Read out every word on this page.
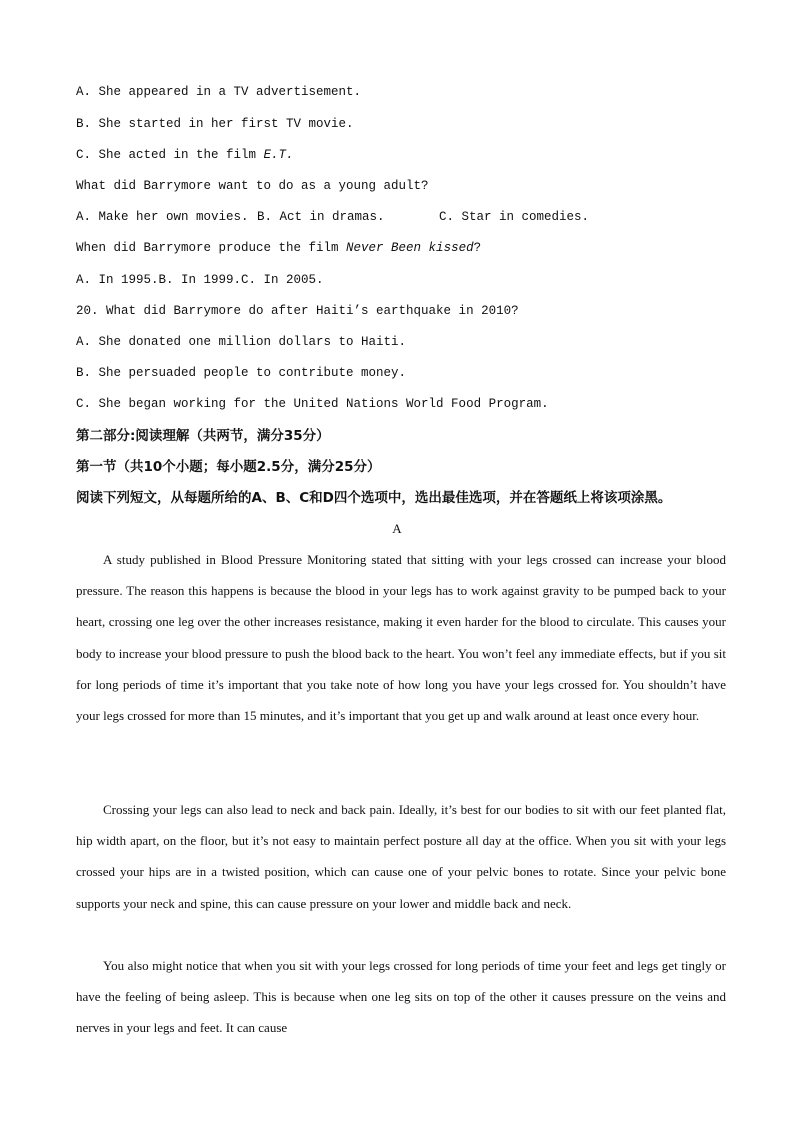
A. She appeared in a TV advertisement.
B. She started in her first TV movie.
C. She acted in the film E.T.
What did Barrymore want to do as a young adult?
A. Make her own movies. B. Act in dramas.	C. Star in comedies.
When did Barrymore produce the film Never Been kissed?
A. In 1995.B. In 1999.C. In 2005.
20. What did Barrymore do after Haiti’s earthquake in 2010?
A. She donated one million dollars to Haiti.
B. She persuaded people to contribute money.
C. She began working for the United Nations World Food Program.
第二部分:阅读理解（共两节，满分35分）
第一节（共10个小题；每小题2.5分，满分25分）
阅读下列短文，从每题所给的A、B、C和D四个选项中，选出最佳选项，并在答题纸上将该项涂黑。
A
A study published in Blood Pressure Monitoring stated that sitting with your legs crossed can increase your blood pressure. The reason this happens is because the blood in your legs has to work against gravity to be pumped back to your heart, crossing one leg over the other increases resistance, making it even harder for the blood to circulate. This causes your body to increase your blood pressure to push the blood back to the heart. You won’t feel any immediate effects, but if you sit for long periods of time it’s important that you take note of how long you have your legs crossed for. You shouldn’t have your legs crossed for more than 15 minutes, and it’s important that you get up and walk around at least once every hour.
Crossing your legs can also lead to neck and back pain. Ideally, it’s best for our bodies to sit with our feet planted flat, hip width apart, on the floor, but it’s not easy to maintain perfect posture all day at the office. When you sit with your legs crossed your hips are in a twisted position, which can cause one of your pelvic bones to rotate. Since your pelvic bone supports your neck and spine, this can cause pressure on your lower and middle back and neck.
You also might notice that when you sit with your legs crossed for long periods of time your feet and legs get tingly or have the feeling of being asleep. This is because when one leg sits on top of the other it causes pressure on the veins and nerves in your legs and feet. It can cause
